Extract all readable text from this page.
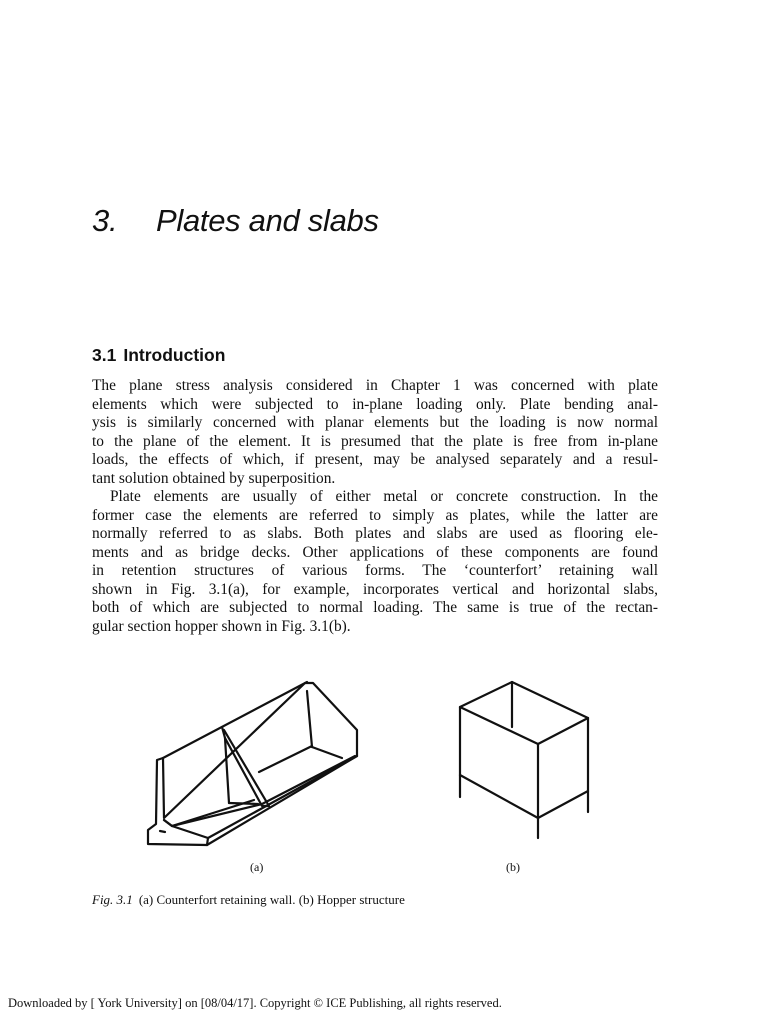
3. Plates and slabs
3.1 Introduction
The plane stress analysis considered in Chapter 1 was concerned with plate
elements which were subjected to in-plane loading only. Plate bending anal-
ysis is similarly concerned with planar elements but the loading is now normal
to the plane of the element. It is presumed that the plate is free from in-plane
loads, the effects of which, if present, may be analysed separately and a resul-
tant solution obtained by superposition.
Plate elements are usually of either metal or concrete construction. In the
former case the elements are referred to simply as plates, while the latter are
normally referred to as slabs. Both plates and slabs are used as flooring ele-
ments and as bridge decks. Other applications of these components are found
in retention structures of various forms. The ‘counterfort’ retaining wall
shown in Fig. 3.1(a), for example, incorporates vertical and horizontal slabs,
both of which are subjected to normal loading. The same is true of the rectan-
gular section hopper shown in Fig. 3.1(b).
(a)	(b)
Fig. 3.1 (a) Counterfort retaining wall. (b) Hopper structure
Downloaded by [ York University] on [08/04/17]. Copyright © ICE Publishing, all rights reserved.
